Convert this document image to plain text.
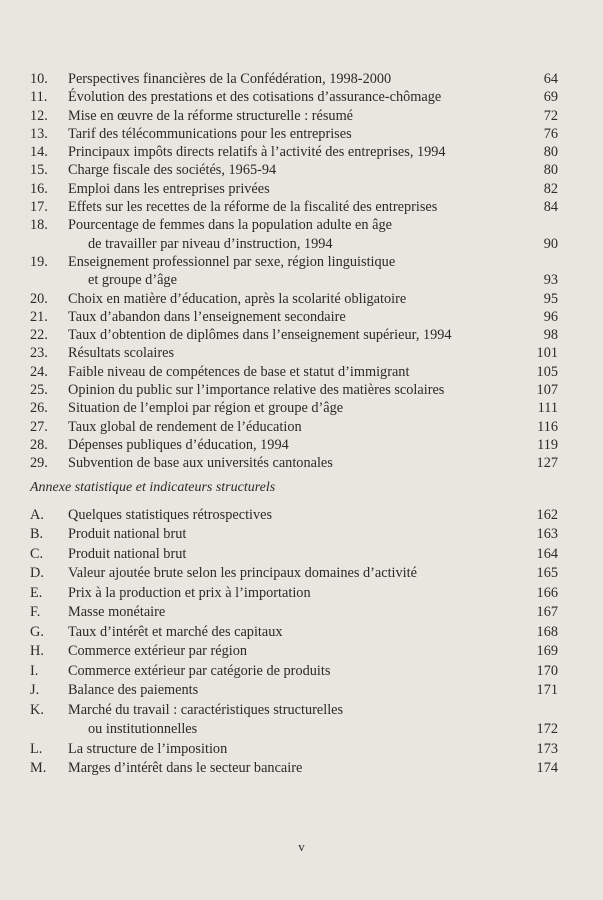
10.	Perspectives financières de la Confédération, 1998-2000	64
11.	Évolution des prestations et des cotisations d’assurance-chômage	69
12.	Mise en œuvre de la réforme structurelle : résumé	72
13.	Tarif des télécommunications pour les entreprises	76
14.	Principaux impôts directs relatifs à l’activité des entreprises, 1994	80
15.	Charge fiscale des sociétés, 1965-94	80
16.	Emploi dans les entreprises privées	82
17.	Effets sur les recettes de la réforme de la fiscalité des entreprises	84
18.	Pourcentage de femmes dans la population adulte en âge
de travailler par niveau d’instruction, 1994	90
19.	Enseignement professionnel par sexe, région linguistique
et groupe d’âge	93
20.	Choix en matière d’éducation, après la scolarité obligatoire	95
21.	Taux d’abandon dans l’enseignement secondaire	96
22.	Taux d’obtention de diplômes dans l’enseignement supérieur, 1994	98
23.	Résultats scolaires	101
24.	Faible niveau de compétences de base et statut d’immigrant	105
25.	Opinion du public sur l’importance relative des matières scolaires	107
26.	Situation de l’emploi par région et groupe d’âge	111
27.	Taux global de rendement de l’éducation	116
28.	Dépenses publiques d’éducation, 1994	119
29.	Subvention de base aux universités cantonales	127
Annexe statistique et indicateurs structurels
A.	Quelques statistiques rétrospectives	162
B.	Produit national brut	163
C.	Produit national brut	164
D.	Valeur ajoutée brute selon les principaux domaines d’activité	165
E.	Prix à la production et prix à l’importation	166
F.	Masse monétaire	167
G.	Taux d’intérêt et marché des capitaux	168
H.	Commerce extérieur par région	169
I.	Commerce extérieur par catégorie de produits	170
J.	Balance des paiements	171
K.	Marché du travail : caractéristiques structurelles
ou institutionnelles	172
L.	La structure de l’imposition	173
M.	Marges d’intérêt dans le secteur bancaire	174
v
